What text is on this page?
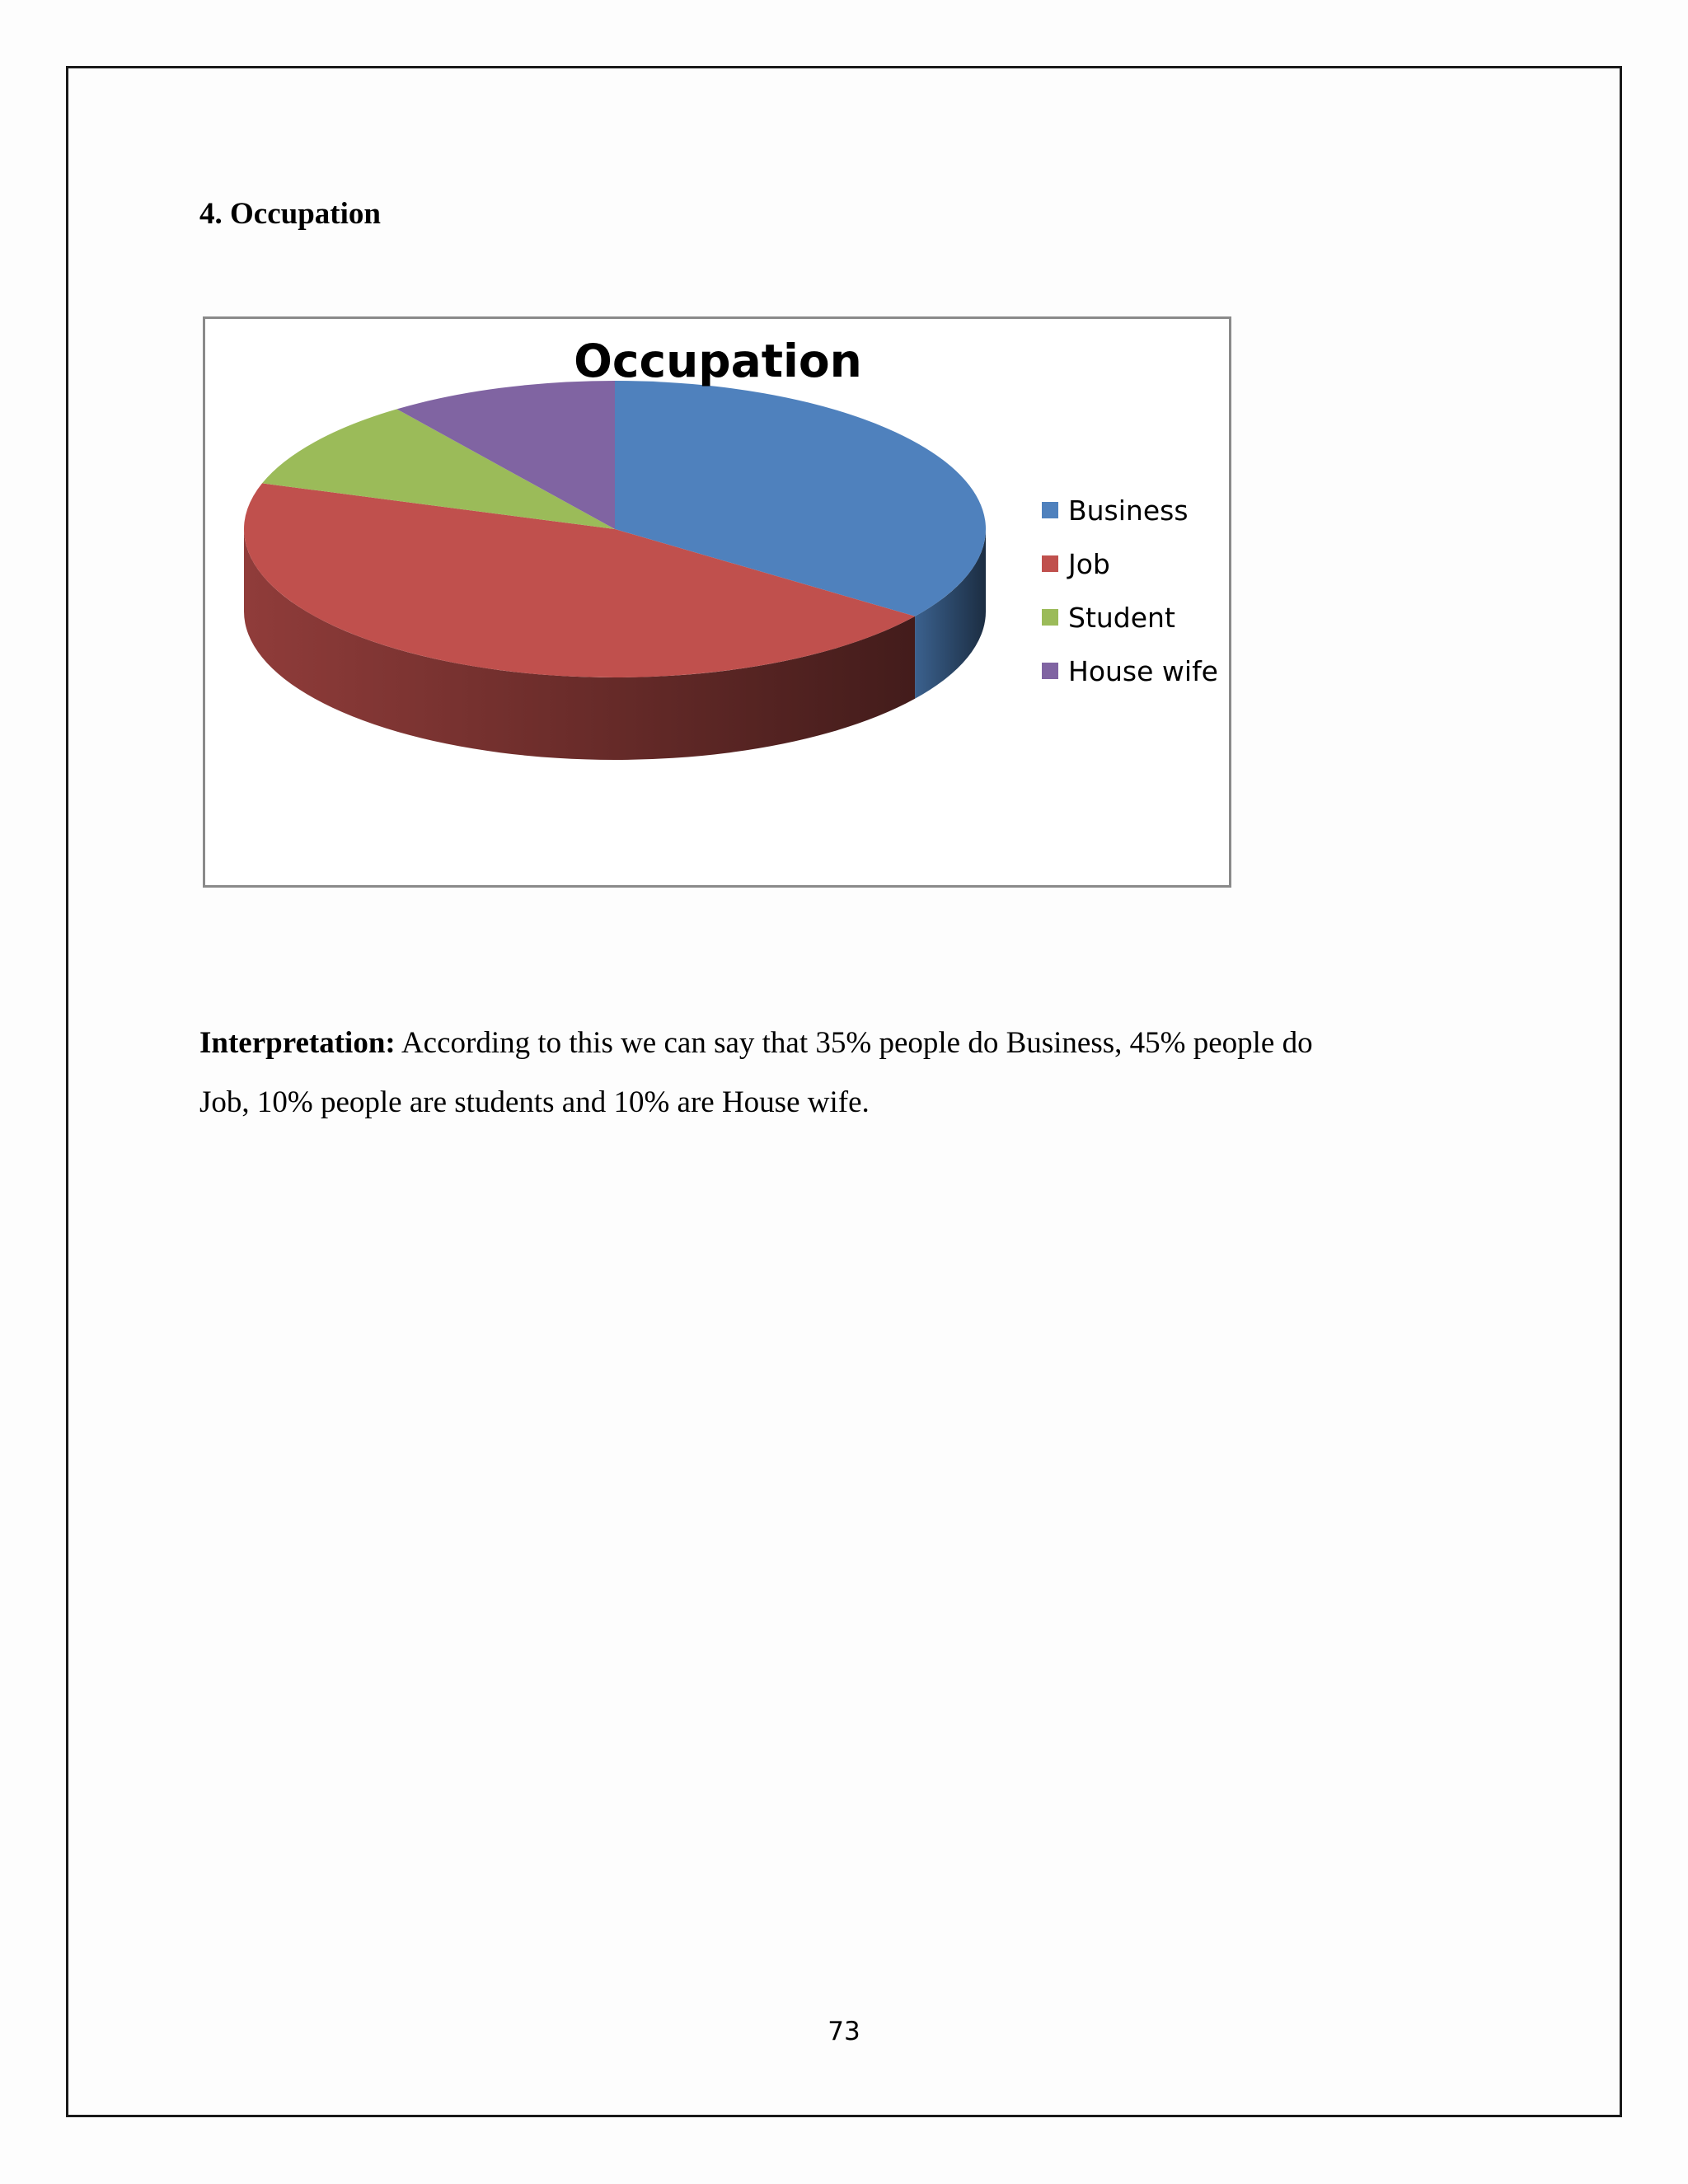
4. Occupation
Occupation
Business
Job
Student
House wife

Interpretation: According to this we can say that 35% people do Business, 45% people do
Job, 10% people are students and 10% are House wife.

73
